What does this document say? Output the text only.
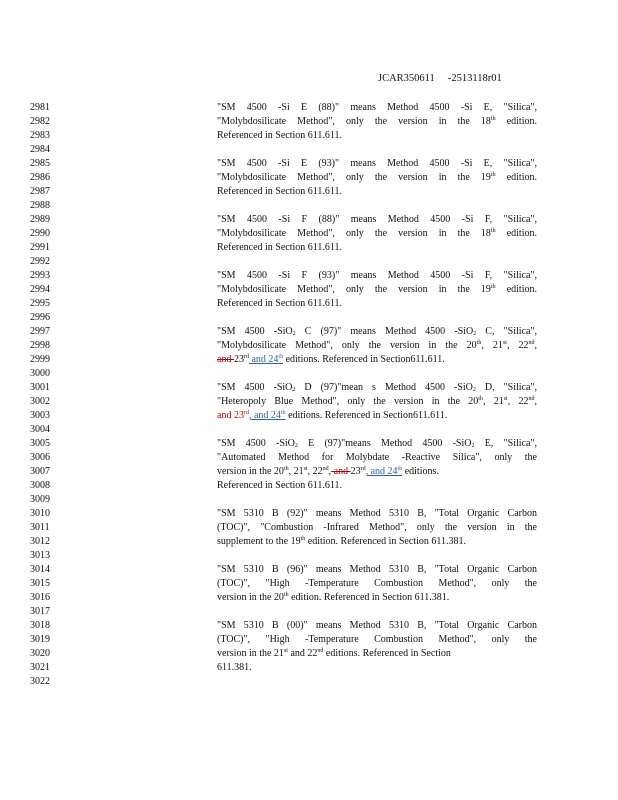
JCAR350611 -2513118r01
2981
2982
2983
2984
2985
2986
2987
2988
2989
2990
2991
2992
2993
2994
2995
2996
2997
2998
2999
3000
3001
3002
3003
3004
3005
3006
3007
3008
3009
3010
3011
3012
3013
3014
3015
3016
3017
3018
3019
3020
3021
3022
"SM 4500 -Si E (88)" means Method 4500 -Si E, "Silica",
"Molybdosilicate Method", only the version in the 18th edition.
Referenced in Section 611.611.
"SM 4500 -Si E (93)" means Method 4500 -Si E, "Silica",
"Molybdosilicate Method", only the version in the 19th edition.
Referenced in Section 611.611.
"SM 4500 -Si F (88)" means Method 4500 -Si F, "Silica",
"Molybdosilicate Method", only the version in the 18th edition.
Referenced in Section 611.611.
"SM 4500 -Si F (93)" means Method 4500 -Si F, "Silica",
"Molybdosilicate Method", only the version in the 19th edition.
Referenced in Section 611.611.
"SM 4500 -SiO$_2$ C (97)" means Method 4500 -SiO$_2$ C, "Silica",
"Molybdosilicate Method", only the version in the 20th, 21st, 22nd,
and 23rd and 24th editions. Referenced in Section611.611.
"SM 4500 -SiO$_2$ D (97)"mean s Method 4500 -SiO$_2$ D, "Silica",
"Heteropoly Blue Method", only the version in the 20th, 21st, 22nd,
and 23rd, and 24th editions. Referenced in Section611.611.
"SM 4500 -SiO$_2$ E (97)"means Method 4500 -SiO$_2$ E, "Silica",
"Automated Method for Molybdate -Reactive Silica", only the
version in the 20th, 21st, 22nd, and 23rd, and 24th editions.
Referenced in Section 611.611.
"SM 5310 B (92)" means Method 5310 B, "Total Organic Carbon
(TOC)", "Combustion -Infrared Method", only the version in the
supplement to the 19th edition. Referenced in Section 611.381.
"SM 5310 B (96)" means Method 5310 B, "Total Organic Carbon
(TOC)", "High -Temperature Combustion Method", only the
version in the 20th edition. Referenced in Section 611.381.
"SM 5310 B (00)" means Method 5310 B, "Total Organic Carbon
(TOC)", "High -Temperature Combustion Method", only the
version in the 21st and 22nd editions. Referenced in Section
611.381.
